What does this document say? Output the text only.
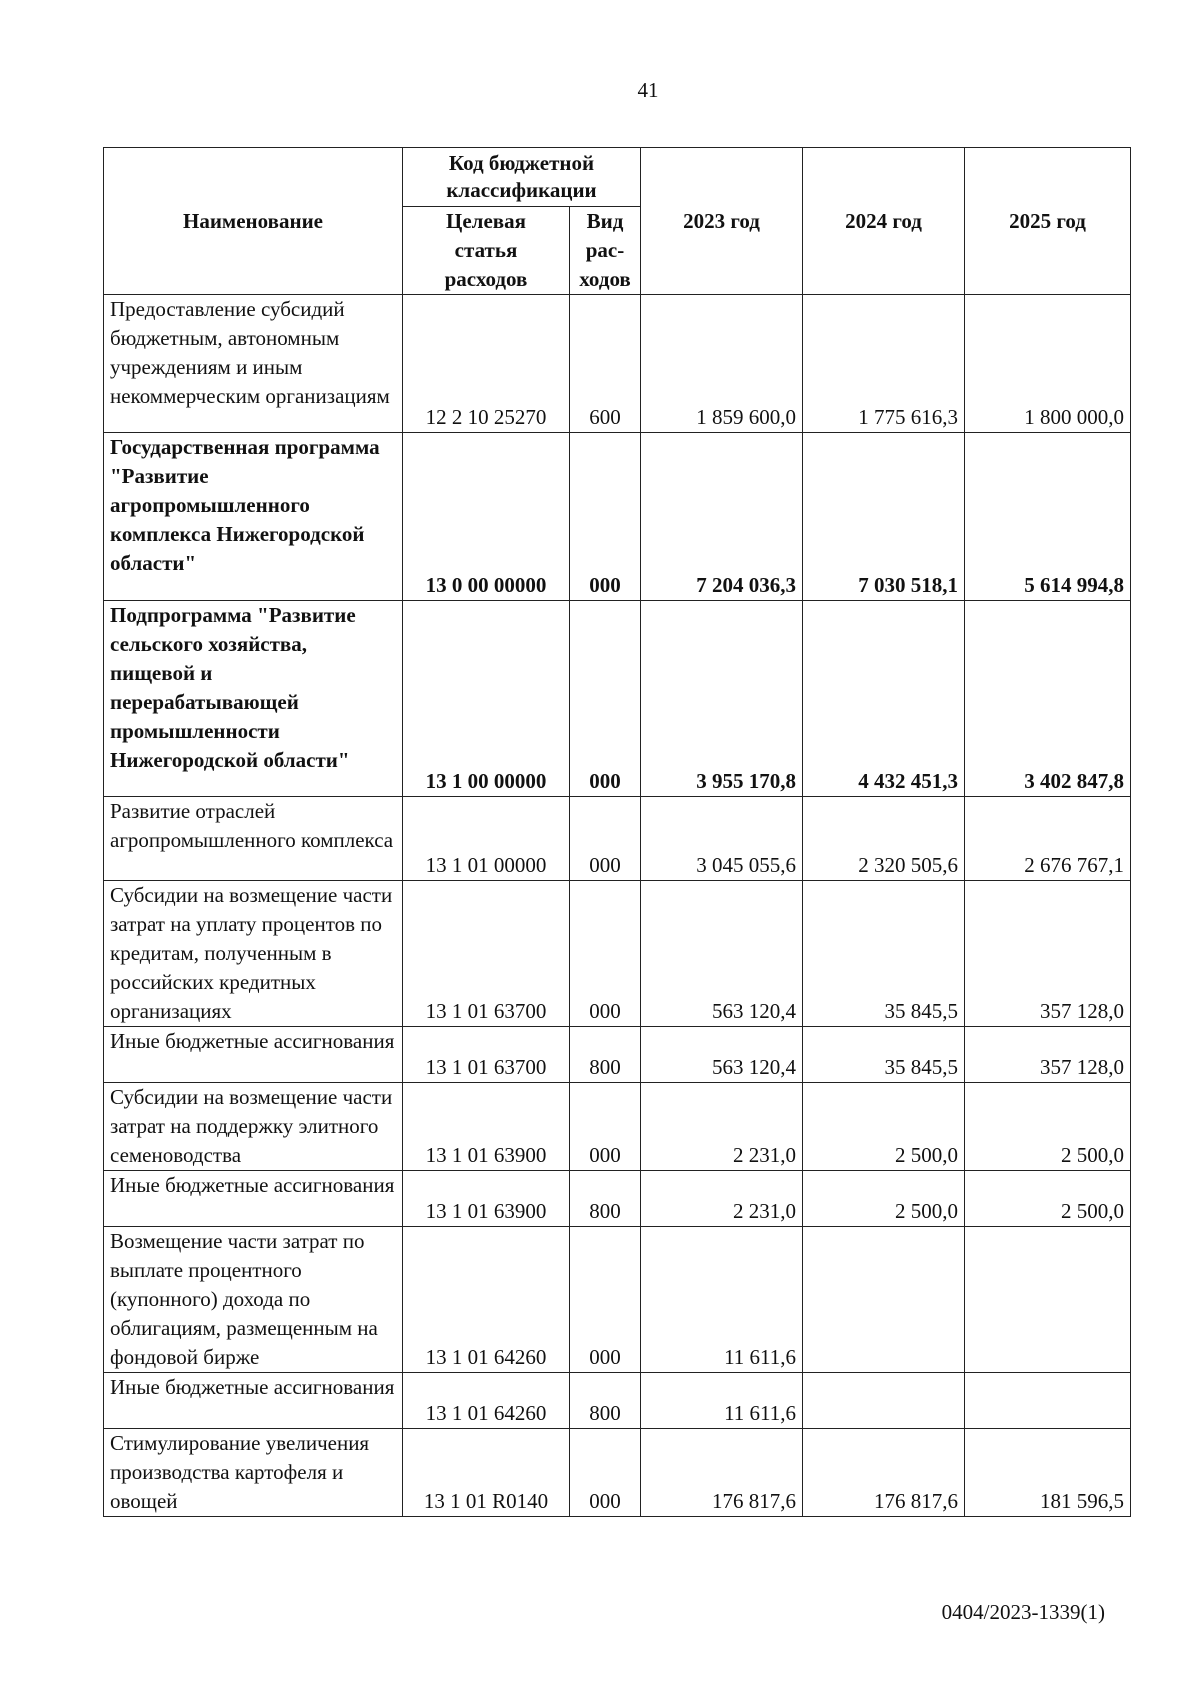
41
Наименование	Код бюджетной классификации		2023 год	2024 год	2025 год
	Целевая статья расходов	Вид рас-ходов			
Предоставление субсидий бюджетным, автономным учреждениям и иным некоммерческим организациям	12 2 10 25270	600	1 859 600,0	1 775 616,3	1 800 000,0
Государственная программа "Развитие агропромышленного комплекса Нижегородской области"	13 0 00 00000	000	7 204 036,3	7 030 518,1	5 614 994,8
Подпрограмма "Развитие сельского хозяйства, пищевой и перерабатывающей промышленности Нижегородской области"	13 1 00 00000	000	3 955 170,8	4 432 451,3	3 402 847,8
Развитие отраслей агропромышленного комплекса	13 1 01 00000	000	3 045 055,6	2 320 505,6	2 676 767,1
Субсидии на возмещение части затрат на уплату процентов по кредитам, полученным в российских кредитных организациях	13 1 01 63700	000	563 120,4	35 845,5	357 128,0
Иные бюджетные ассигнования	13 1 01 63700	800	563 120,4	35 845,5	357 128,0
Субсидии на возмещение части затрат на поддержку элитного семеноводства	13 1 01 63900	000	2 231,0	2 500,0	2 500,0
Иные бюджетные ассигнования	13 1 01 63900	800	2 231,0	2 500,0	2 500,0
Возмещение части затрат по выплате процентного (купонного) дохода по облигациям, размещенным на фондовой бирже	13 1 01 64260	000	11 611,6		
Иные бюджетные ассигнования	13 1 01 64260	800	11 611,6		
Стимулирование увеличения производства картофеля и овощей	13 1 01 R0140	000	176 817,6	176 817,6	181 596,5
0404/2023-1339(1)
